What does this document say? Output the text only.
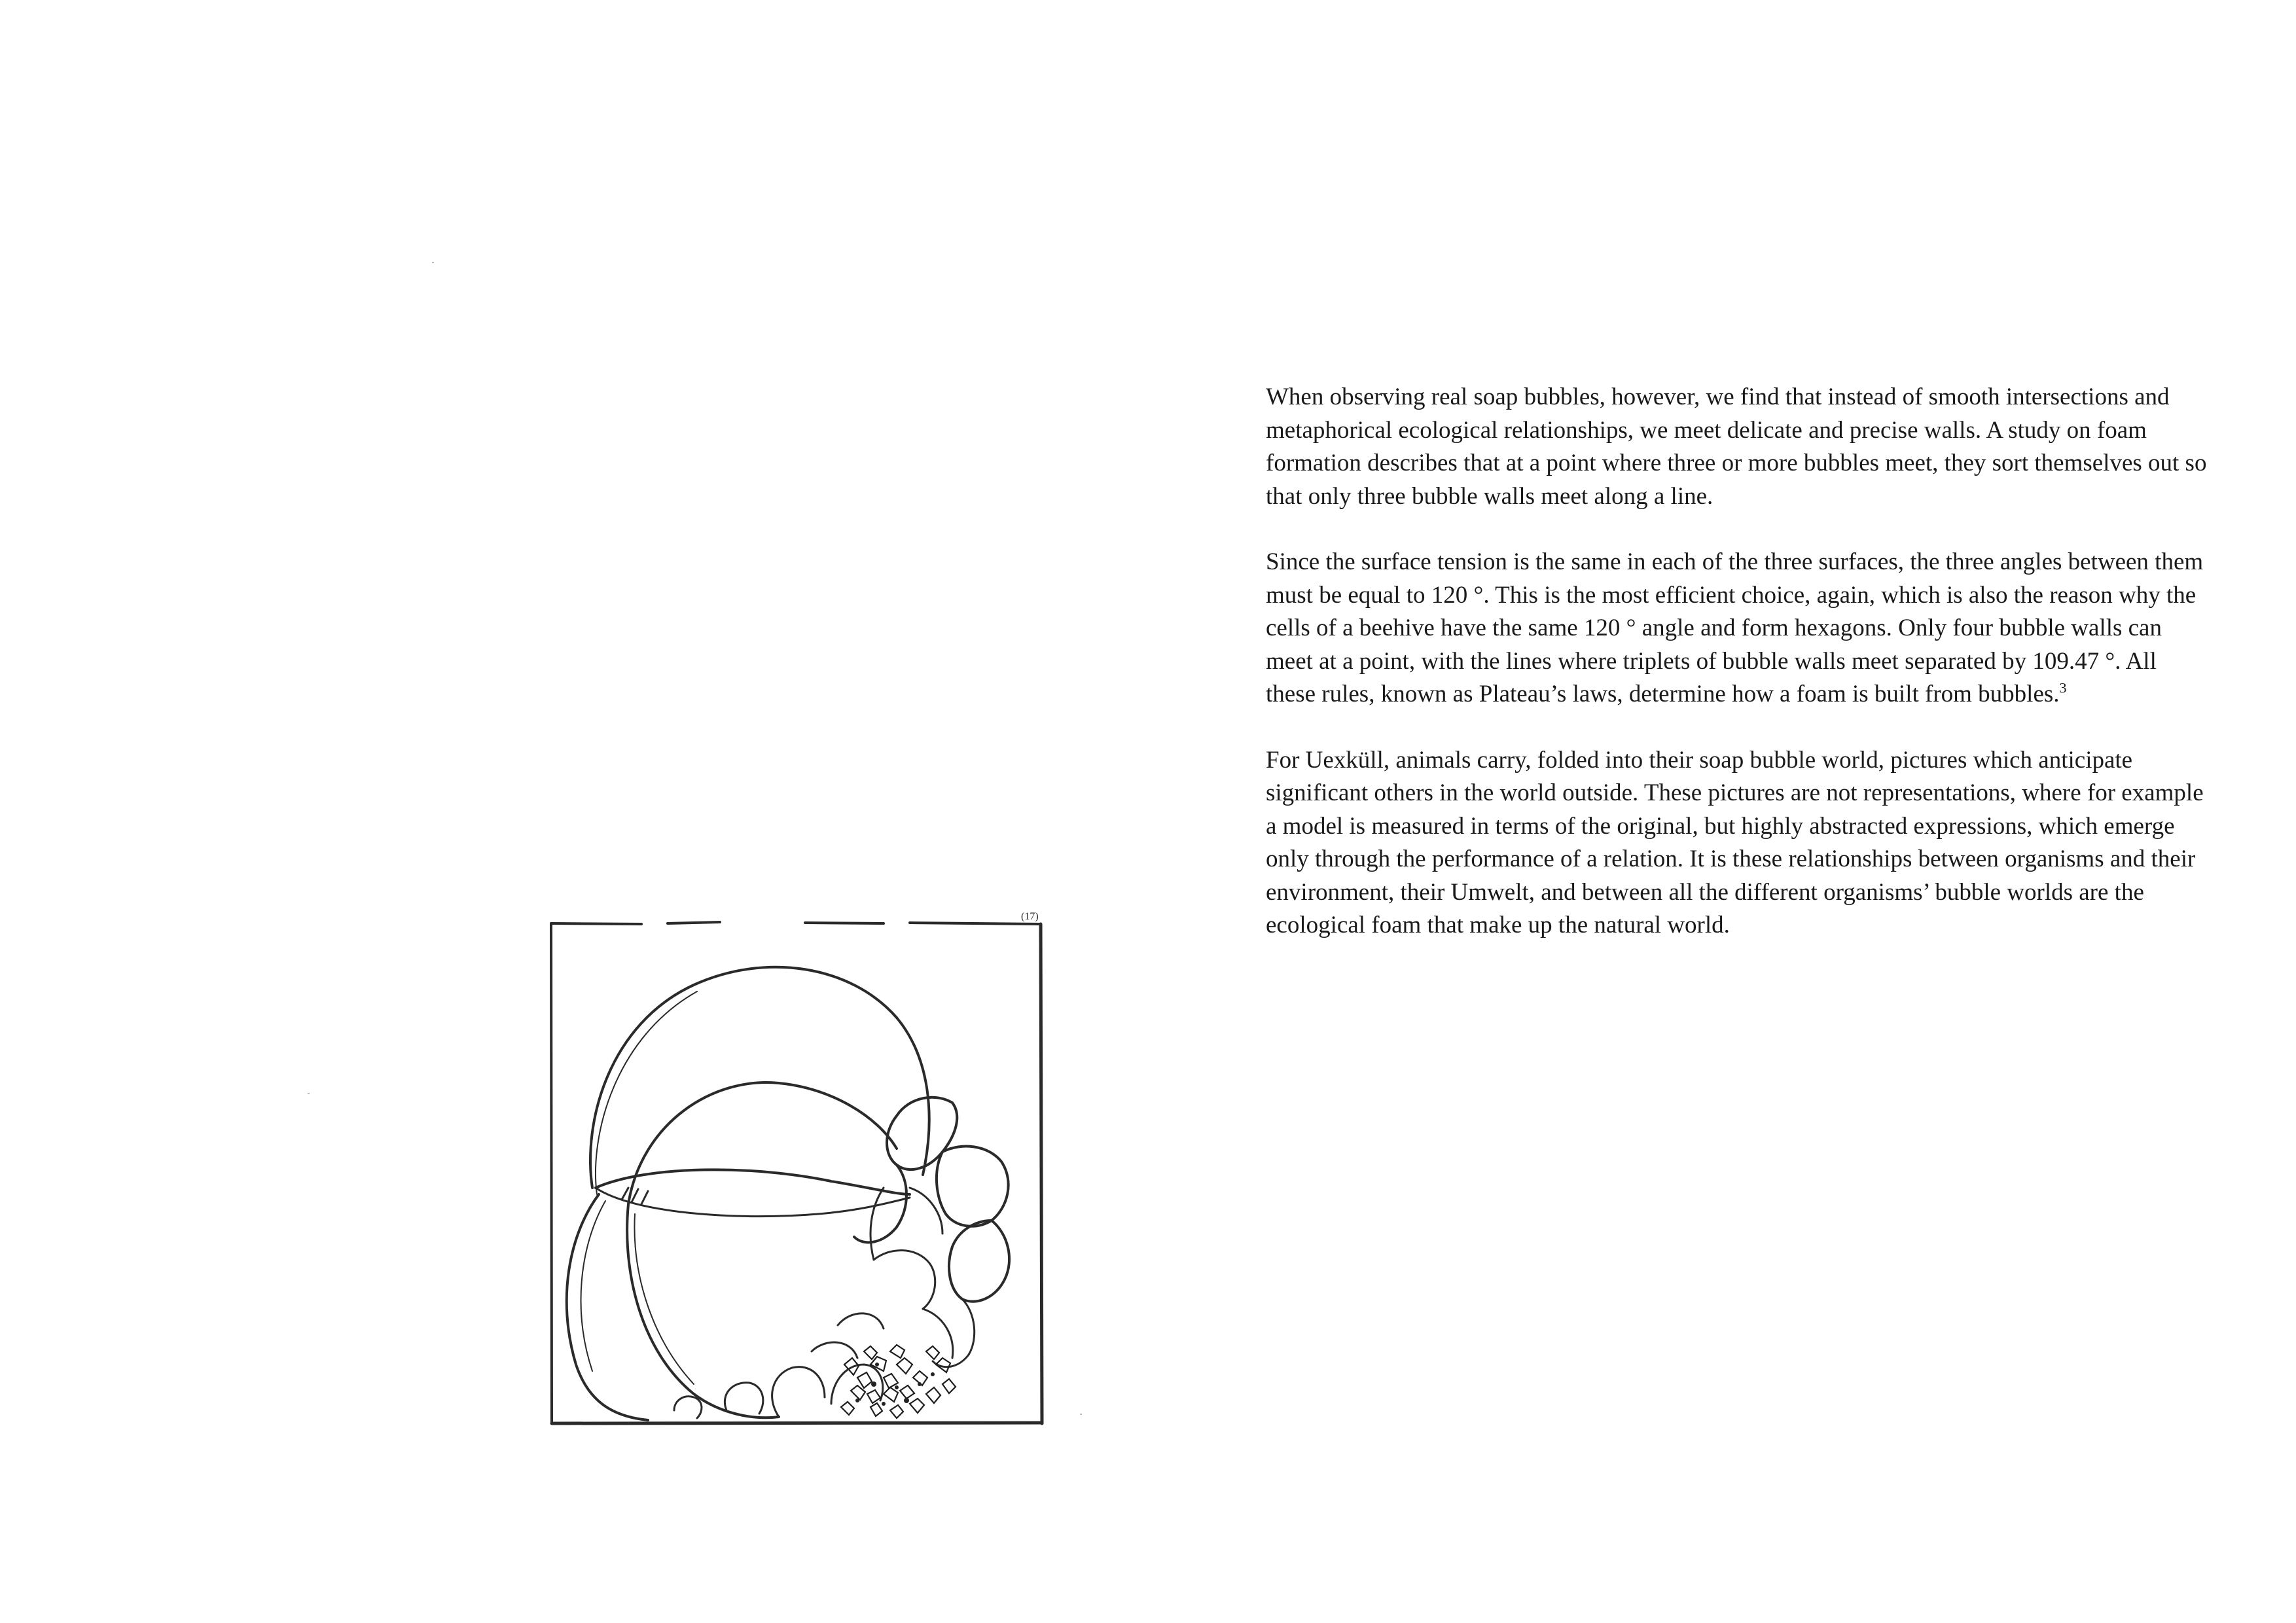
(17)

When observing real soap bubbles, however, we find that instead of smooth intersections and metaphorical ecological relationships, we meet delicate and precise walls. A study on foam formation describes that at a point where three or more bubbles meet, they sort themselves out so that only three bubble walls meet along a line.

Since the surface tension is the same in each of the three surfaces, the three angles between them must be equal to 120 °. This is the most efficient choice, again, which is also the reason why the cells of a beehive have the same 120 ° angle and form hexagons. Only four bubble walls can meet at a point, with the lines where triplets of bubble walls meet separated by 109.47 °. All these rules, known as Plateau’s laws, determine how a foam is built from bubbles.$^3$

For Uexküll, animals carry, folded into their soap bubble world, pictures which anticipate significant others in the world outside. These pictures are not representations, where for example a model is measured in terms of the original, but highly abstracted expressions, which emerge only through the performance of a relation. It is these relationships between organisms and their environment, their Umwelt, and between all the different organisms’ bubble worlds are the ecological foam that make up the natural world.
